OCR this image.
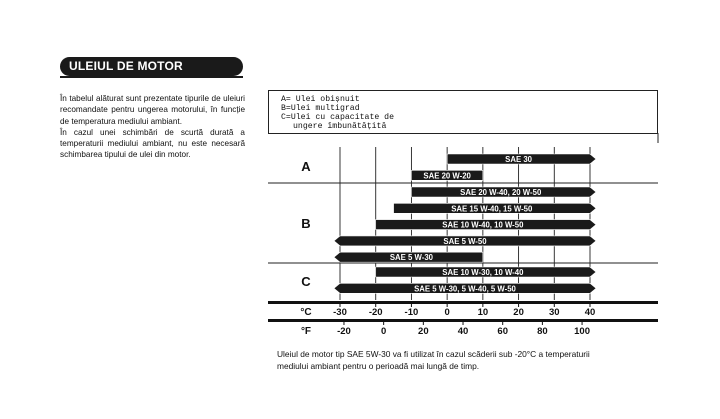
ULEIUL DE MOTOR

În tabelul alăturat sunt prezentate tipurile de uleiuri recomandate pentru ungerea motorului, în funcție de temperatura mediului ambiant.

În cazul unei schimbări de scurtă durată a temperaturii mediului ambiant, nu este necesară schimbarea tipului de ulei din motor.

A= Ulei obișnuit
B=Ulei multigrad
C=Ulei cu capacitate de
ungere îmbunătățită
SAE 30
SAE 20 W-20
SAE 20 W-40, 20 W-50
SAE 15 W-40, 15 W-50
SAE 10 W-40, 10 W-50
SAE 5 W-50
SAE 5 W-30
SAE 10 W-30, 10 W-40
SAE 5 W-30, 5 W-40, 5 W-50
A
B
C
°C -30 -20 -10	0	10	20	30	40
°F	-20	0	20	40	60	80	100

Uleiul de motor tip SAE 5W-30 va fi utilizat în cazul scăderii sub -20°C a temperaturii

mediului ambiant pentru o perioadă mai lungă de timp.
